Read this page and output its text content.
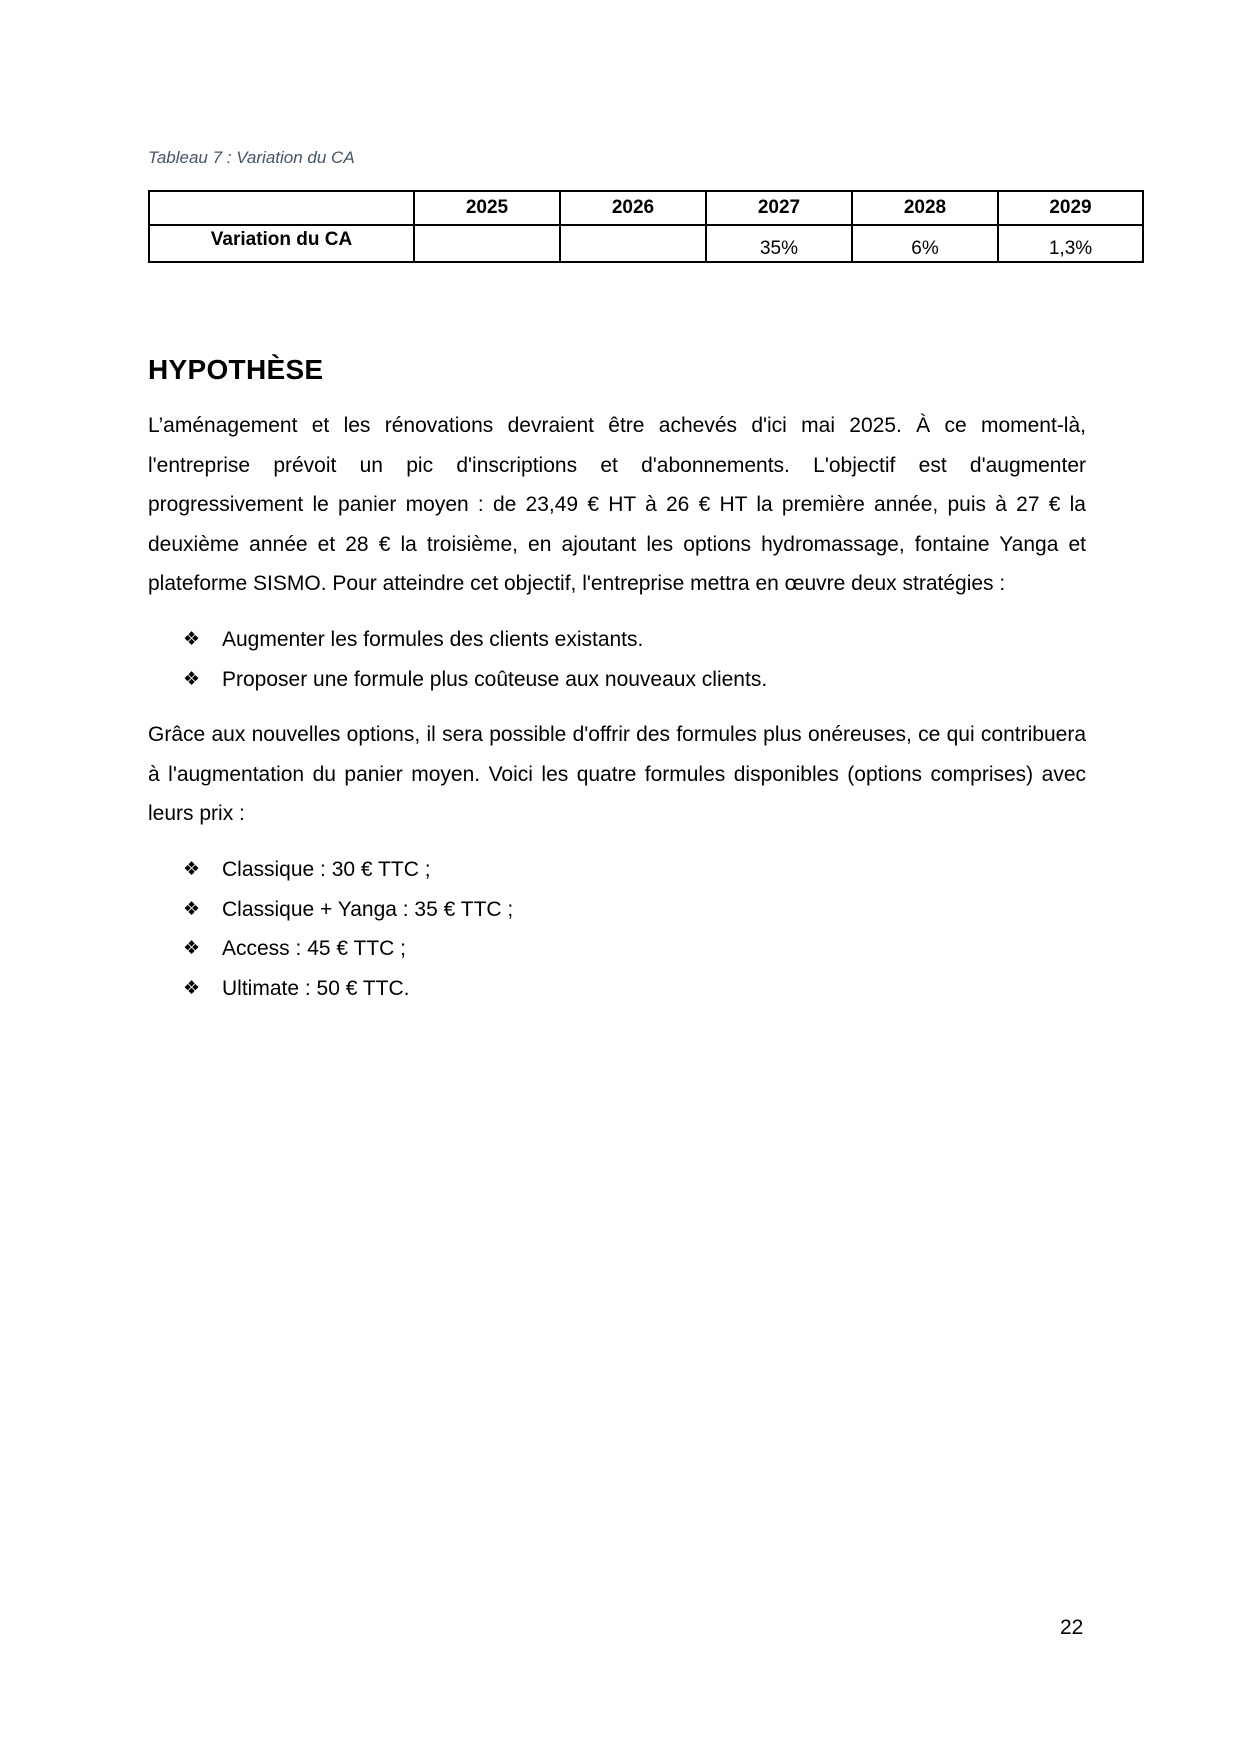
Tableau 7 : Variation du CA
	2025	2026	2027	2028	2029
Variation du CA			35%	6%	1,3%
HYPOTHÈSE

L’aménagement et les rénovations devraient être achevés d'ici mai 2025. À ce moment-là, l'entreprise prévoit un pic d'inscriptions et d'abonnements. L'objectif est d'augmenter progressivement le panier moyen : de 23,49 € HT à 26 € HT la première année, puis à 27 € la deuxième année et 28 € la troisième, en ajoutant les options hydromassage, fontaine Yanga et plateforme SISMO. Pour atteindre cet objectif, l'entreprise mettra en œuvre deux stratégies :

❖ Augmenter les formules des clients existants.
❖ Proposer une formule plus coûteuse aux nouveaux clients.

Grâce aux nouvelles options, il sera possible d'offrir des formules plus onéreuses, ce qui contribuera à l'augmentation du panier moyen. Voici les quatre formules disponibles (options comprises) avec leurs prix :

❖ Classique : 30 € TTC ;
❖ Classique + Yanga : 35 € TTC ;
❖ Access : 45 € TTC ;
❖ Ultimate : 50 € TTC.
22
